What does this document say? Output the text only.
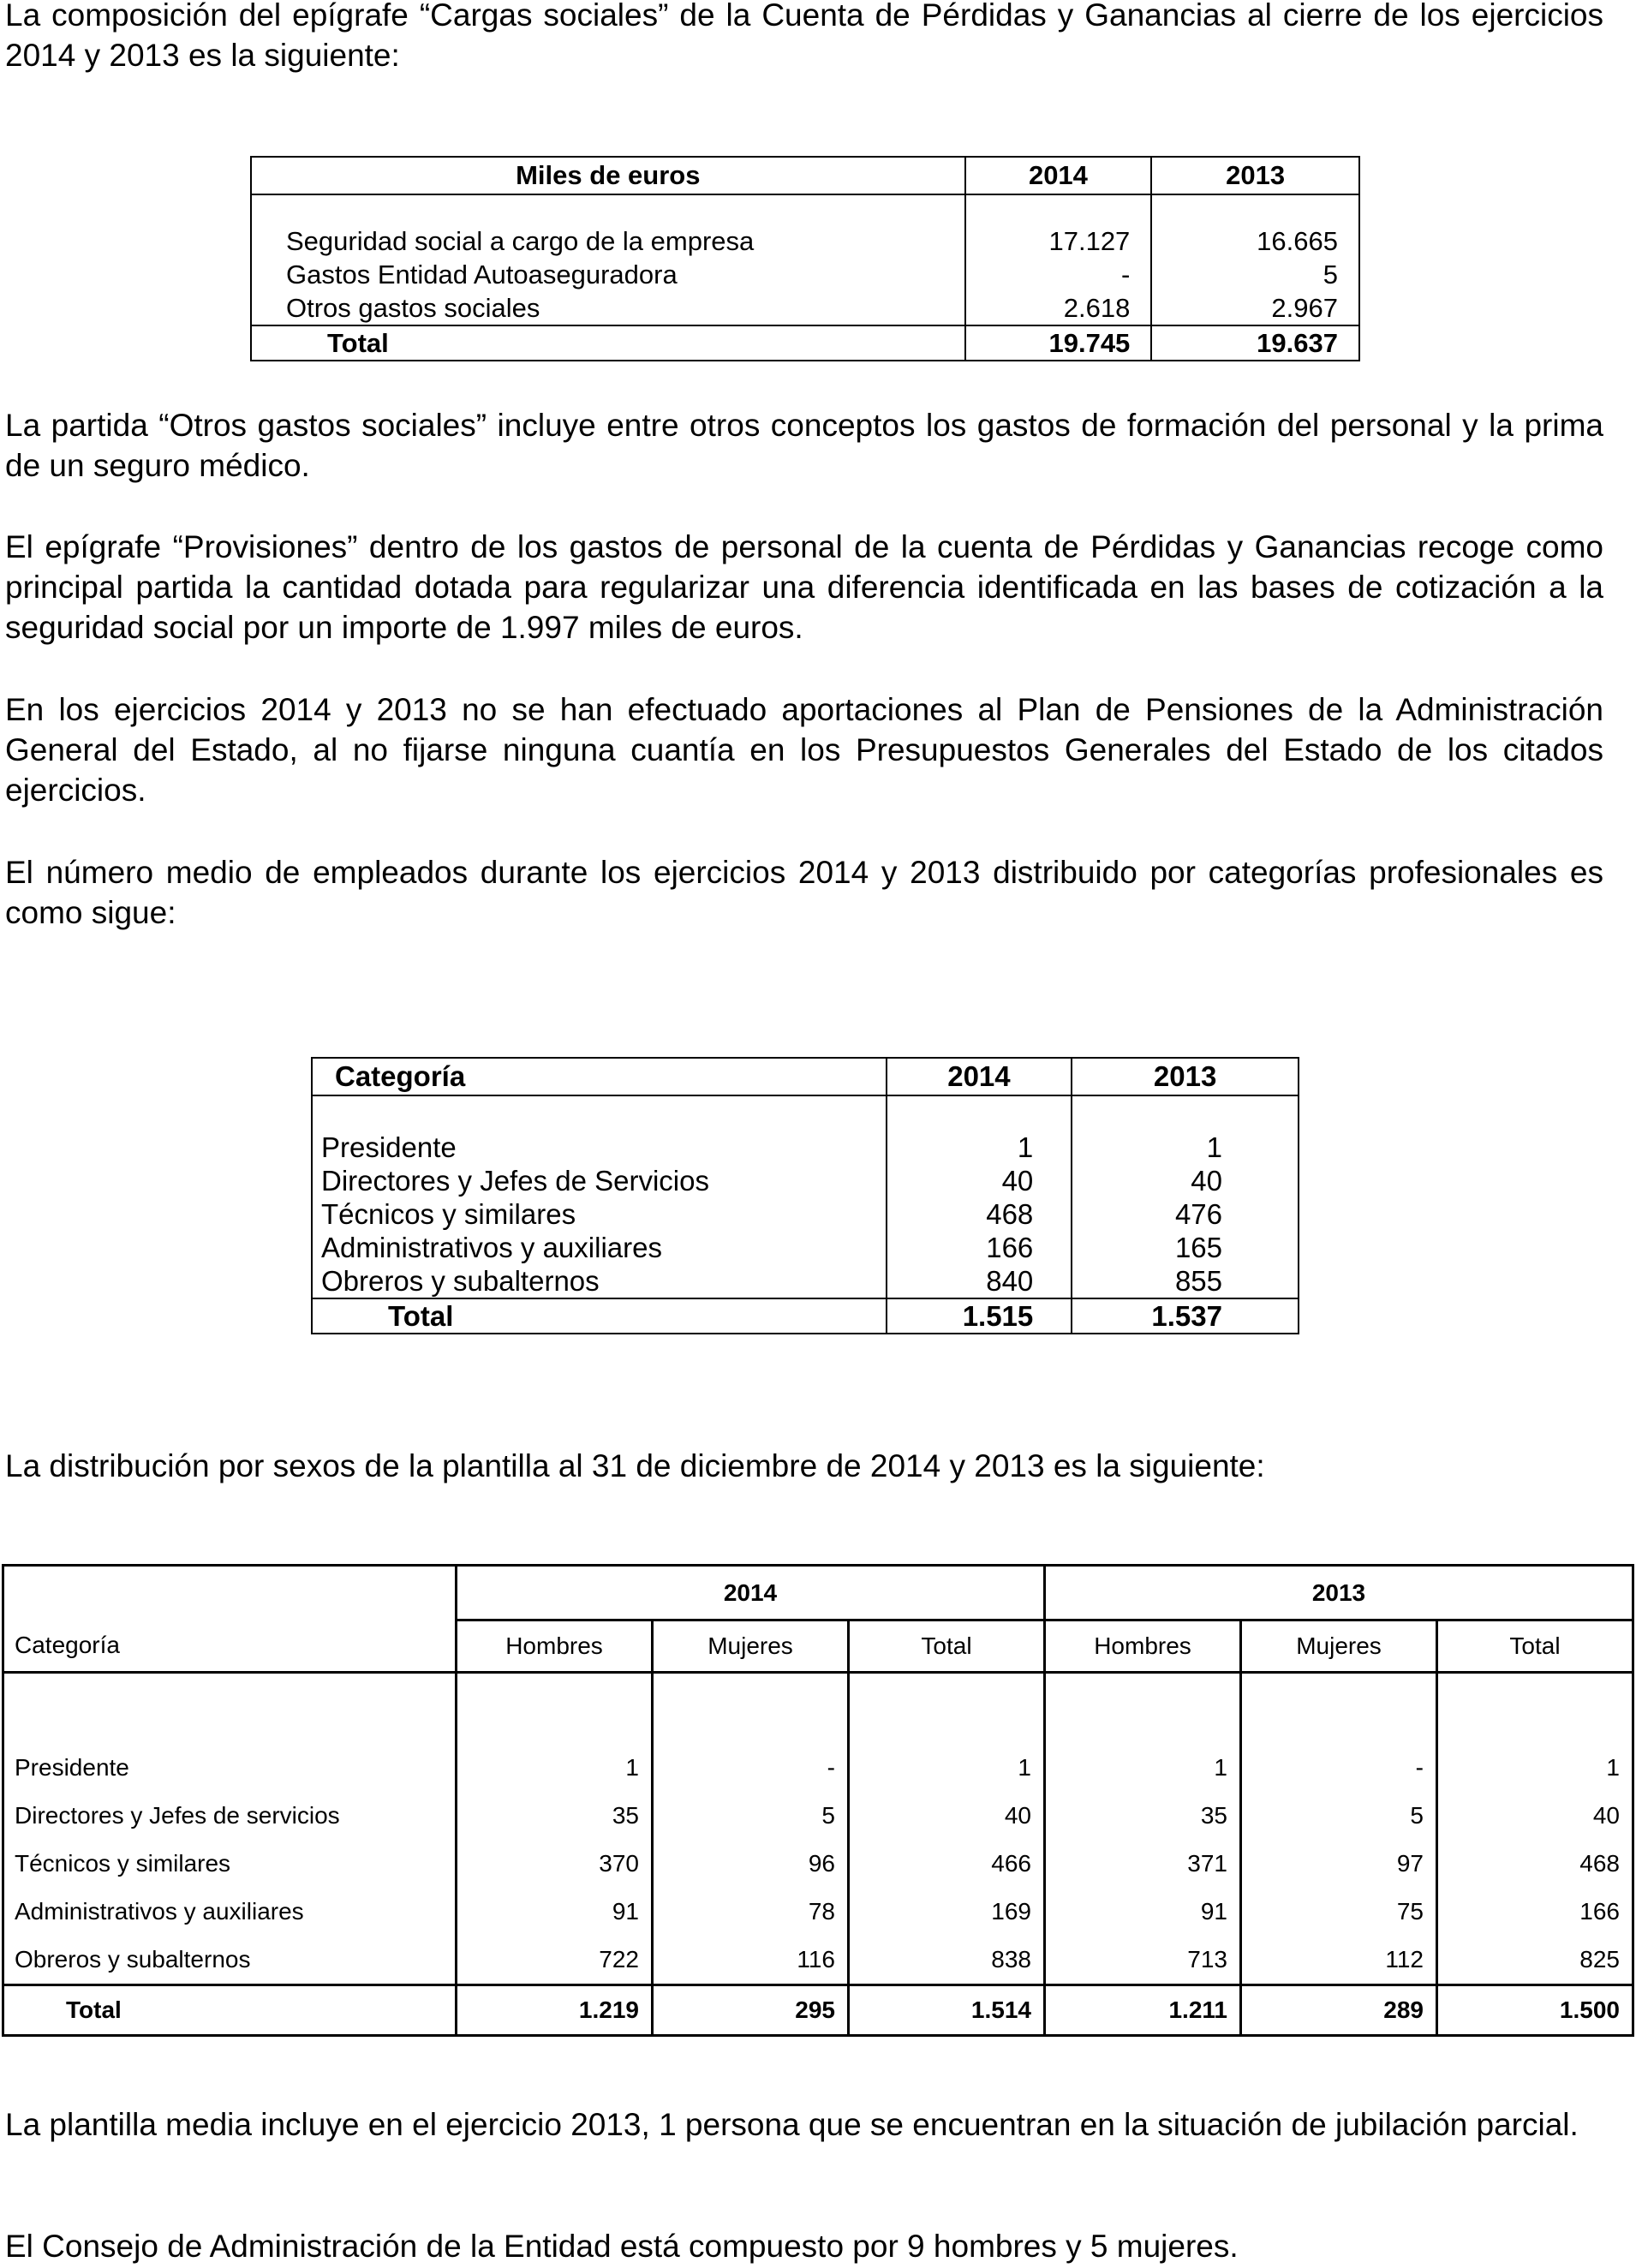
La composición del epígrafe “Cargas sociales” de la Cuenta de Pérdidas y Ganancias al cierre de los ejercicios 2014 y 2013 es la siguiente:

Miles de euros	2014	2013

Seguridad social a cargo de la empresa	17.127	16.665
Gastos Entidad Autoaseguradora	-	5
Otros gastos sociales	2.618	2.967
Total	19.745	19.637

La partida “Otros gastos sociales” incluye entre otros conceptos los gastos de formación del personal y la prima de un seguro médico.

El epígrafe “Provisiones” dentro de los gastos de personal de la cuenta de Pérdidas y Ganancias recoge como principal partida la cantidad dotada para regularizar una diferencia identificada en las bases de cotización a la seguridad social por un importe de 1.997 miles de euros.

En los ejercicios 2014 y 2013 no se han efectuado aportaciones al Plan de Pensiones de la Administración General del Estado, al no fijarse ninguna cuantía en los Presupuestos Generales del Estado de los citados ejercicios.

El número medio de empleados durante los ejercicios 2014 y 2013 distribuido por categorías profesionales es como sigue:

Categoría	2014	2013

Presidente	1	1
Directores y Jefes de Servicios	40	40
Técnicos y similares	468	476
Administrativos y auxiliares	166	165
Obreros y subalternos	840	855
Total	1.515	1.537

La distribución por sexos de la plantilla al 31 de diciembre de 2014 y 2013 es la siguiente:

	2014			2013		
Categoría	Hombres	Mujeres	Total	Hombres	Mujeres	Total

Presidente	1	-	1	1	-	1
Directores y Jefes de servicios	35	5	40	35	5	40
Técnicos y similares	370	96	466	371	97	468
Administrativos y auxiliares	91	78	169	91	75	166
Obreros y subalternos	722	116	838	713	112	825
Total	1.219	295	1.514	1.211	289	1.500

La plantilla media incluye en el ejercicio 2013, 1 persona que se encuentran en la situación de jubilación parcial.

El Consejo de Administración de la Entidad está compuesto por 9 hombres y 5 mujeres.
